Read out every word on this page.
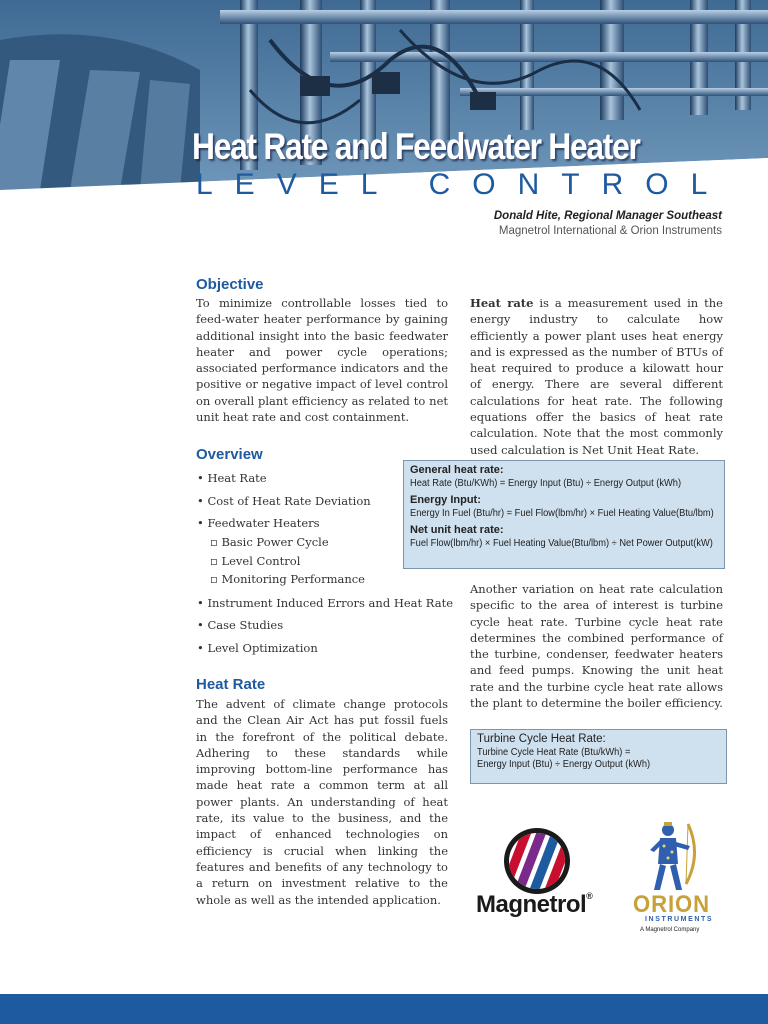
Heat Rate and Feedwater Heater
LEVEL CONTROL
Donald Hite, Regional Manager Southeast
Magnetrol International & Orion Instruments
Objective

To minimize controllable losses tied to feed-water heater performance by gaining additional insight into the basic feedwater heater and power cycle operations; associated performance indicators and the positive or negative impact of level control on overall plant efficiency as related to net unit heat rate and cost containment.

Overview
• Heat Rate
• Cost of Heat Rate Deviation
• Feedwater Heaters
▫ Basic Power Cycle
▫ Level Control
▫ Monitoring Performance
• Instrument Induced Errors and Heat Rate
• Case Studies
• Level Optimization
Heat Rate

The advent of climate change protocols and the Clean Air Act has put fossil fuels in the forefront of the political debate. Adhering to these standards while improving bottom-line performance has made heat rate a common term at all power plants. An understanding of heat rate, its value to the business, and the impact of enhanced technologies on efficiency is crucial when linking the features and benefits of any technology to a return on investment relative to the whole as well as the intended application.

Heat rate is a measurement used in the energy industry to calculate how efficiently a power plant uses heat energy and is expressed as the number of BTUs of heat required to produce a kilowatt hour of energy. There are several different calculations for heat rate. The following equations offer the basics of heat rate calculation. Note that the most commonly used calculation is Net Unit Heat Rate.

General heat rate:
Heat Rate (Btu/KWh) = Energy Input (Btu) ÷ Energy Output (kWh)
Energy Input:
Energy In Fuel (Btu/hr) = Fuel Flow(lbm/hr) × Fuel Heating Value(Btu/lbm)
Net unit heat rate:
Fuel Flow(lbm/hr) × Fuel Heating Value(Btu/lbm) ÷ Net Power Output(kW)

Another variation on heat rate calculation specific to the area of interest is turbine cycle heat rate. Turbine cycle heat rate determines the combined performance of the turbine, condenser, feedwater heaters and feed pumps. Knowing the unit heat rate and the turbine cycle heat rate allows the plant to determine the boiler efficiency.

Turbine Cycle Heat Rate:
Turbine Cycle Heat Rate (Btu/kWh) =
Energy Input (Btu) ÷ Energy Output (kWh)
Magnetrol® ORION
INSTRUMENTS
A Magnetrol Company
